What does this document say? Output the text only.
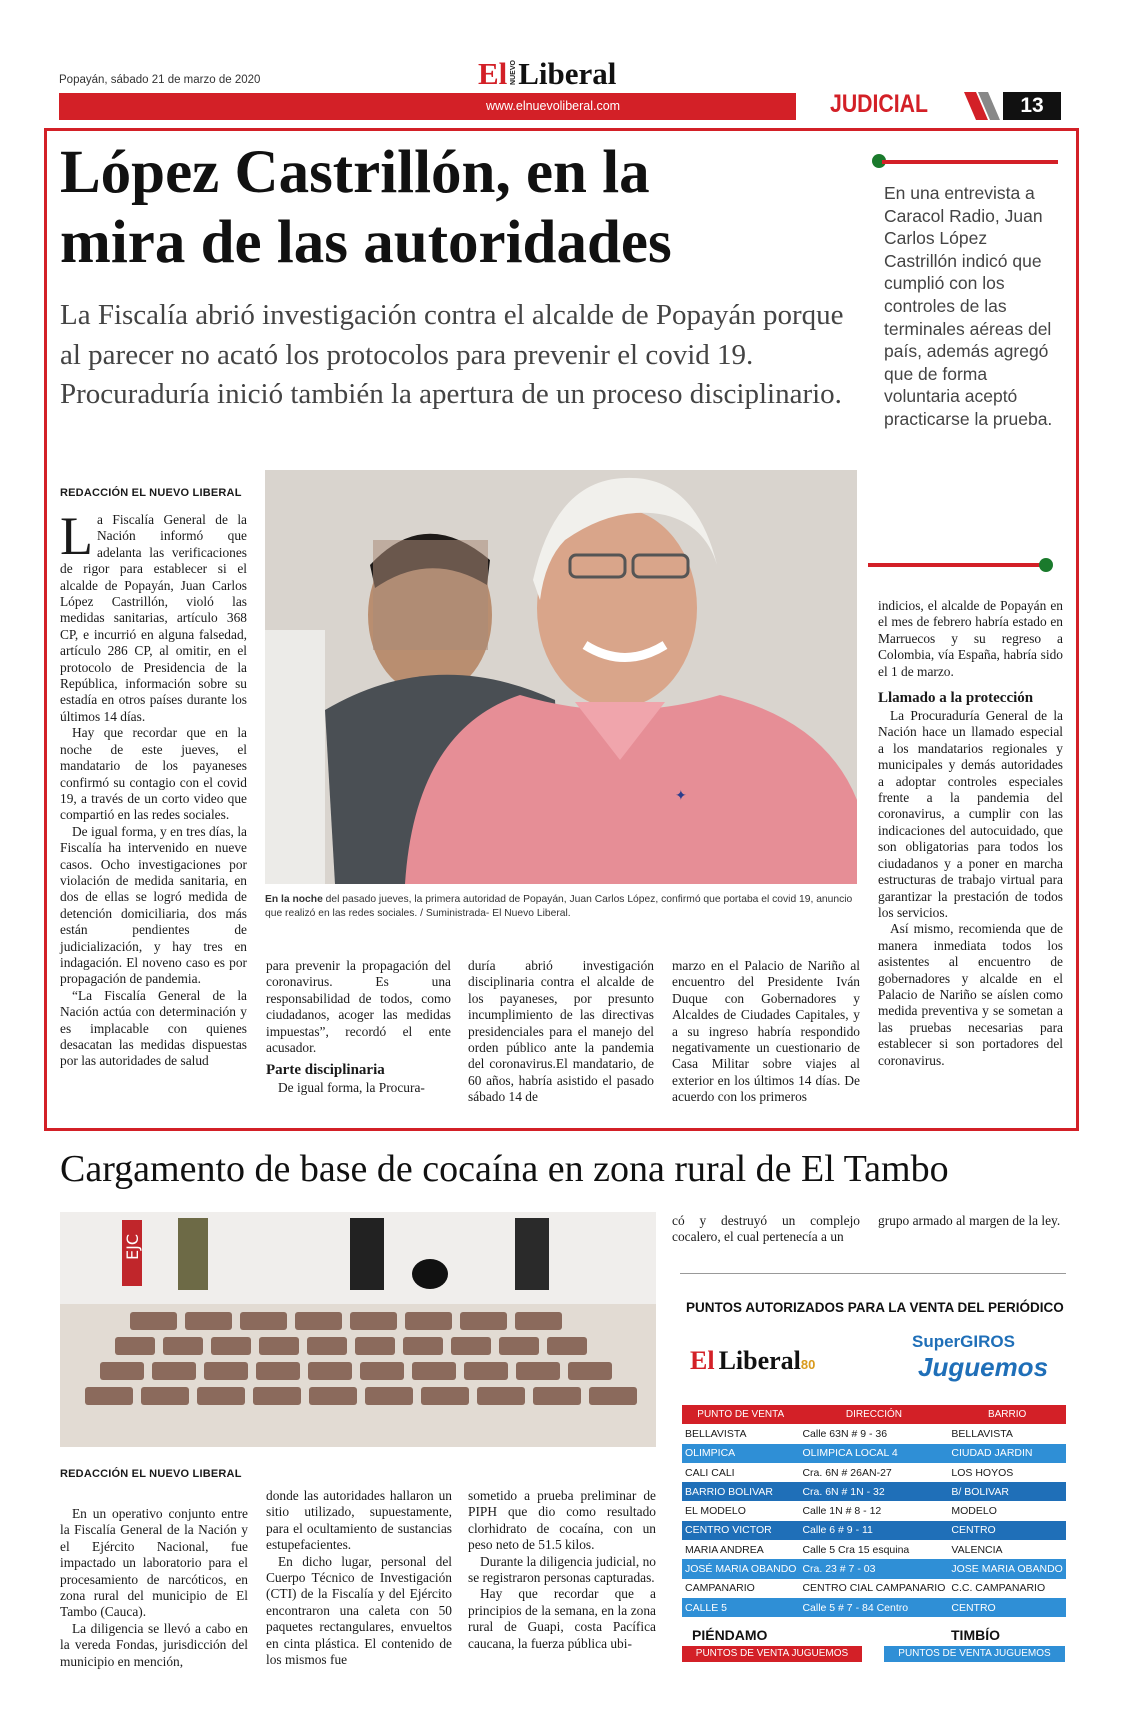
Popayán, sábado 21 de marzo de 2020	El NUEVOLiberal
www.elnuevoliberal.com	JUDICIAL	13
López Castrillón, en la
mira de las autoridades
La Fiscalía abrió investigación contra el alcalde de Popayán porque al parecer no acató los protocolos para prevenir el covid 19. Procuraduría inició también la apertura de un proceso disciplinario.
En una entrevista a Caracol Radio, Juan Carlos López Castrillón indicó que cumplió con los controles de las terminales aéreas del país, además agregó que de forma voluntaria aceptó practicarse la prueba.
✦
En la noche del pasado jueves, la primera autoridad de Popayán, Juan Carlos López, confirmó que portaba el covid 19, anuncio que realizó en las redes sociales. / Suministrada- El Nuevo Liberal.
REDACCIÓN EL NUEVO LIBERAL

La Fiscalía General de la Nación informó que adelanta las verificaciones de rigor para establecer si el alcalde de Popayán, Juan Carlos López Castrillón, violó las medidas sanitarias, artículo 368 CP, e incurrió en alguna falsedad, artículo 286 CP, al omitir, en el protocolo de Presidencia de la República, información sobre su estadía en otros países durante los últimos 14 días.

Hay que recordar que en la noche de este jueves, el mandatario de los payaneses confirmó su contagio con el covid 19, a través de un corto video que compartió en las redes sociales.

De igual forma, y en tres días, la Fiscalía ha intervenido en nueve casos. Ocho investigaciones por violación de medida sanitaria, en dos de ellas se logró medida de detención domiciliaria, dos más están pendientes de judicialización, y hay tres en indagación. El noveno caso es por propagación de pandemia.

“La Fiscalía General de la Nación actúa con determinación y es implacable con quienes desacatan las medidas dispuestas por las autoridades de salud

para prevenir la propagación del coronavirus. Es una responsabilidad de todos, como ciudadanos, acoger las medidas impuestas”, recordó el ente acusador.

Parte disciplinaria

De igual forma, la Procura-

duría abrió investigación disciplinaria contra el alcalde de los payaneses, por presunto incumplimiento de las directivas presidenciales para el manejo del orden público ante la pandemia del coronavirus.El mandatario, de 60 años, habría asistido el pasado sábado 14 de

marzo en el Palacio de Nariño al encuentro del Presidente Iván Duque con Gobernadores y Alcaldes de Ciudades Capitales, y a su ingreso habría respondido negativamente un cuestionario de Casa Militar sobre viajes al exterior en los últimos 14 días. De acuerdo con los primeros

indicios, el alcalde de Popayán en el mes de febrero habría estado en Marruecos y su regreso a Colombia, vía España, habría sido el 1 de marzo.

Llamado a la protección

La Procuraduría General de la Nación hace un llamado especial a los mandatarios regionales y municipales y demás autoridades a adoptar controles especiales frente a la pandemia del coronavirus, a cumplir con las indicaciones del autocuidado, que son obligatorias para todos los ciudadanos y a poner en marcha estructuras de trabajo virtual para garantizar la prestación de todos los servicios.

Así mismo, recomienda que de manera inmediata todos los asistentes al encuentro de gobernadores y alcalde en el Palacio de Nariño se aíslen como medida preventiva y se sometan a las pruebas necesarias para establecer si son portadores del coronavirus.

Cargamento de base de cocaína en zona rural de El Tambo
EJC
REDACCIÓN EL NUEVO LIBERAL

En un operativo conjunto entre la Fiscalía General de la Nación y el Ejército Nacional, fue impactado un laboratorio para el procesamiento de narcóticos, en zona rural del municipio de El Tambo (Cauca).

La diligencia se llevó a cabo en la vereda Fondas, jurisdicción del municipio en mención,

donde las autoridades hallaron un sitio utilizado, supuestamente, para el ocultamiento de sustancias estupefacientes.

En dicho lugar, personal del Cuerpo Técnico de Investigación (CTI) de la Fiscalía y del Ejército encontraron una caleta con 50 paquetes rectangulares, envueltos en cinta plástica. El contenido de los mismos fue

sometido a prueba preliminar de PIPH que dio como resultado clorhidrato de cocaína, con un peso neto de 51.5 kilos.

Durante la diligencia judicial, no se registraron personas capturadas.

Hay que recordar que a principios de la semana, en la zona rural de Guapi, costa Pacífica caucana, la fuerza pública ubi-

có y destruyó un complejo cocalero, el cual pertenecía a un

grupo armado al margen de la ley.

PUNTOS AUTORIZADOS PARA LA VENTA DEL PERIÓDICO
El Liberal80
SuperGIROS
Juguemos
PUNTO DE VENTA	DIRECCIÓN	BARRIO
BELLAVISTA	Calle 63N # 9 - 36	BELLAVISTA
OLIMPICA	OLIMPICA LOCAL 4	CIUDAD JARDIN
CALI CALI	Cra. 6N # 26AN-27	LOS HOYOS
BARRIO BOLIVAR	Cra. 6N # 1N - 32	B/ BOLIVAR
EL MODELO	Calle 1N # 8 - 12	MODELO
CENTRO VICTOR	Calle 6 # 9 - 11	CENTRO
MARIA ANDREA	Calle 5 Cra 15 esquina	VALENCIA
JOSÉ MARIA OBANDO	Cra. 23 # 7 - 03	JOSE MARIA OBANDO
CAMPANARIO	CENTRO CIAL CAMPANARIO	C.C. CAMPANARIO
CALLE 5	Calle 5 # 7 - 84 Centro	CENTRO
PIÉNDAMO
PUNTOS DE VENTA JUGUEMOS
TIMBÍO
PUNTOS DE VENTA JUGUEMOS
